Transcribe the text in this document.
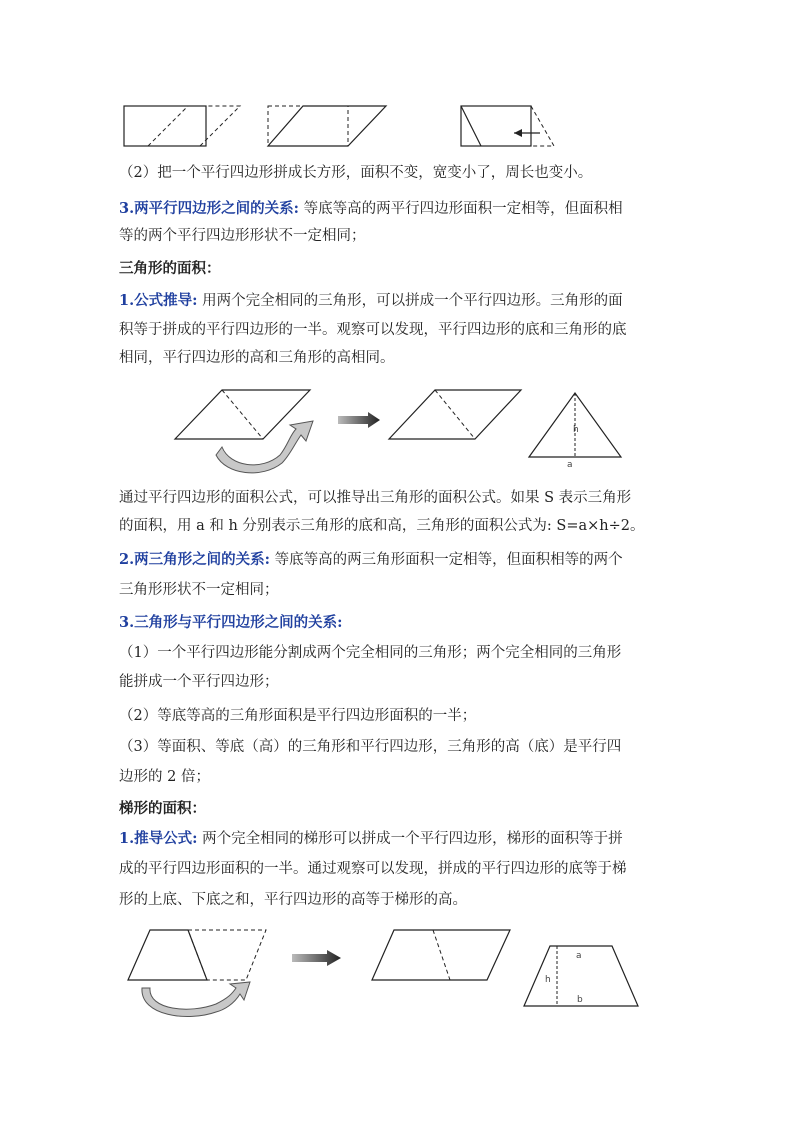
（2）把一个平行四边形拼成长方形，面积不变，宽变小了，周长也变小。
3.两平行四边形之间的关系: 等底等高的两平行四边形面积一定相等，但面积相
等的两个平行四边形形状不一定相同；
三角形的面积：
1.公式推导: 用两个完全相同的三角形，可以拼成一个平行四边形。三角形的面
积等于拼成的平行四边形的一半。观察可以发现，平行四边形的底和三角形的底
相同，平行四边形的高和三角形的高相同。
h
a
通过平行四边形的面积公式，可以推导出三角形的面积公式。如果 S 表示三角形
的面积，用 a 和 h 分别表示三角形的底和高，三角形的面积公式为: S=a×h÷2。
2.两三角形之间的关系: 等底等高的两三角形面积一定相等，但面积相等的两个
三角形形状不一定相同；
3.三角形与平行四边形之间的关系:
（1）一个平行四边形能分割成两个完全相同的三角形；两个完全相同的三角形
能拼成一个平行四边形；
（2）等底等高的三角形面积是平行四边形面积的一半；
（3）等面积、等底（高）的三角形和平行四边形，三角形的高（底）是平行四
边形的 2 倍；
梯形的面积：
1.推导公式: 两个完全相同的梯形可以拼成一个平行四边形，梯形的面积等于拼
成的平行四边形面积的一半。通过观察可以发现，拼成的平行四边形的底等于梯
形的上底、下底之和，平行四边形的高等于梯形的高。
a
h
b
